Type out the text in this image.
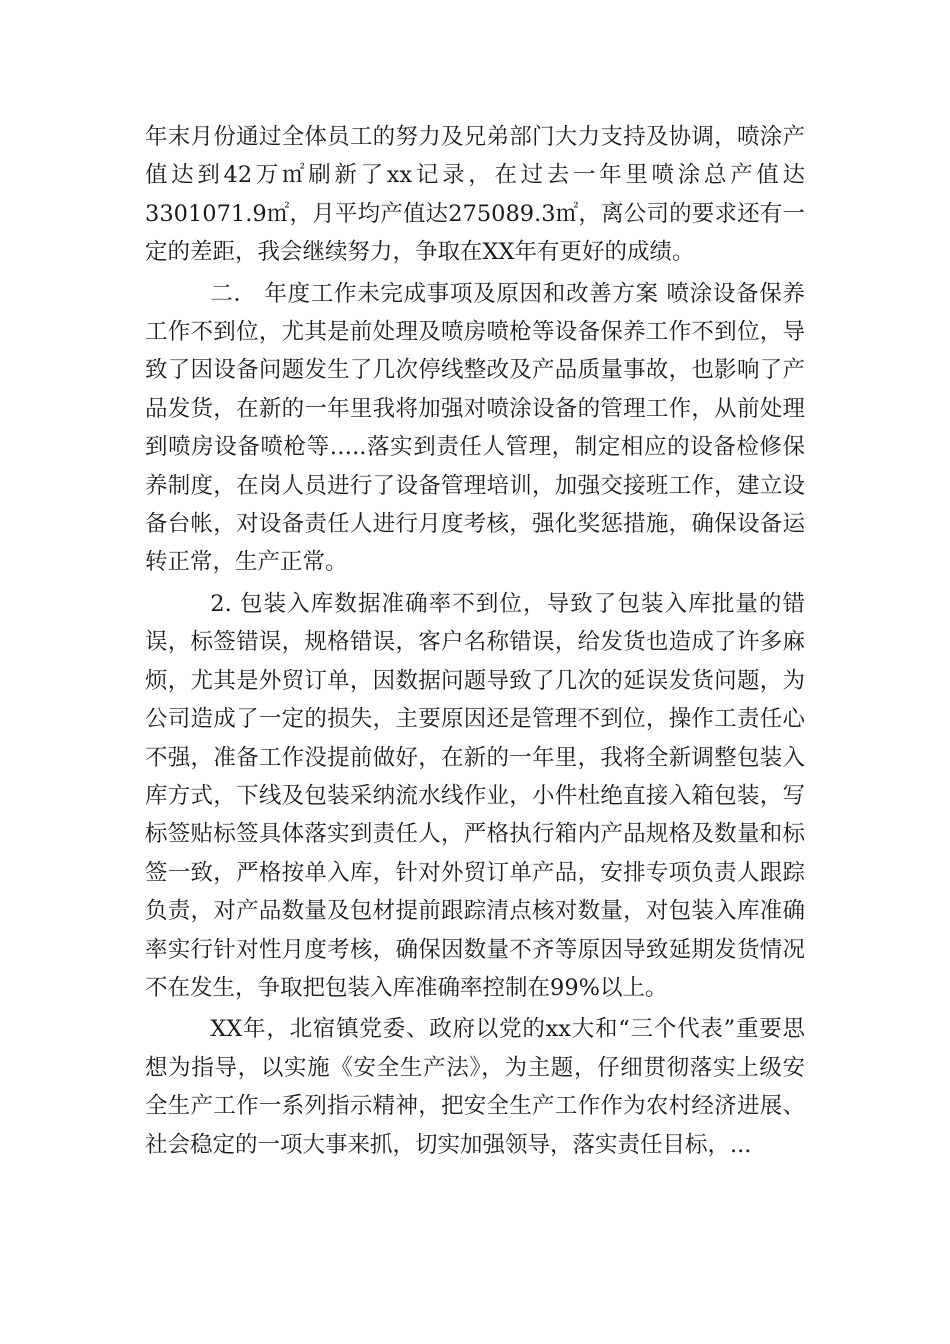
年末月份通过全体员工的努力及兄弟部门大力支持及协调，喷涂产值达到42万㎡刷新了xx记录，在过去一年里喷涂总产值达3301071.9㎡，月平均产值达275089.3㎡，离公司的要求还有一定的差距，我会继续努力，争取在XX年有更好的成绩。

二． 年度工作未完成事项及原因和改善方案 喷涂设备保养工作不到位，尤其是前处理及喷房喷枪等设备保养工作不到位，导致了因设备问题发生了几次停线整改及产品质量事故，也影响了产品发货，在新的一年里我将加强对喷涂设备的管理工作，从前处理到喷房设备喷枪等…..落实到责任人管理，制定相应的设备检修保养制度，在岗人员进行了设备管理培训，加强交接班工作，建立设备台帐，对设备责任人进行月度考核，强化奖惩措施，确保设备运转正常，生产正常。

2. 包装入库数据准确率不到位，导致了包装入库批量的错误，标签错误，规格错误，客户名称错误，给发货也造成了许多麻烦，尤其是外贸订单，因数据问题导致了几次的延误发货问题，为公司造成了一定的损失，主要原因还是管理不到位，操作工责任心不强，准备工作没提前做好，在新的一年里，我将全新调整包装入库方式，下线及包装采纳流水线作业，小件杜绝直接入箱包装，写标签贴标签具体落实到责任人，严格执行箱内产品规格及数量和标签一致，严格按单入库，针对外贸订单产品，安排专项负责人跟踪负责，对产品数量及包材提前跟踪清点核对数量，对包装入库准确率实行针对性月度考核，确保因数量不齐等原因导致延期发货情况不在发生，争取把包装入库准确率控制在99%以上。

XX年，北宿镇党委、政府以党的xx大和“三个代表”重要思想为指导，以实施《安全生产法》，为主题，仔细贯彻落实上级安全生产工作一系列指示精神，把安全生产工作作为农村经济进展、社会稳定的一项大事来抓，切实加强领导，落实责任目标，...
